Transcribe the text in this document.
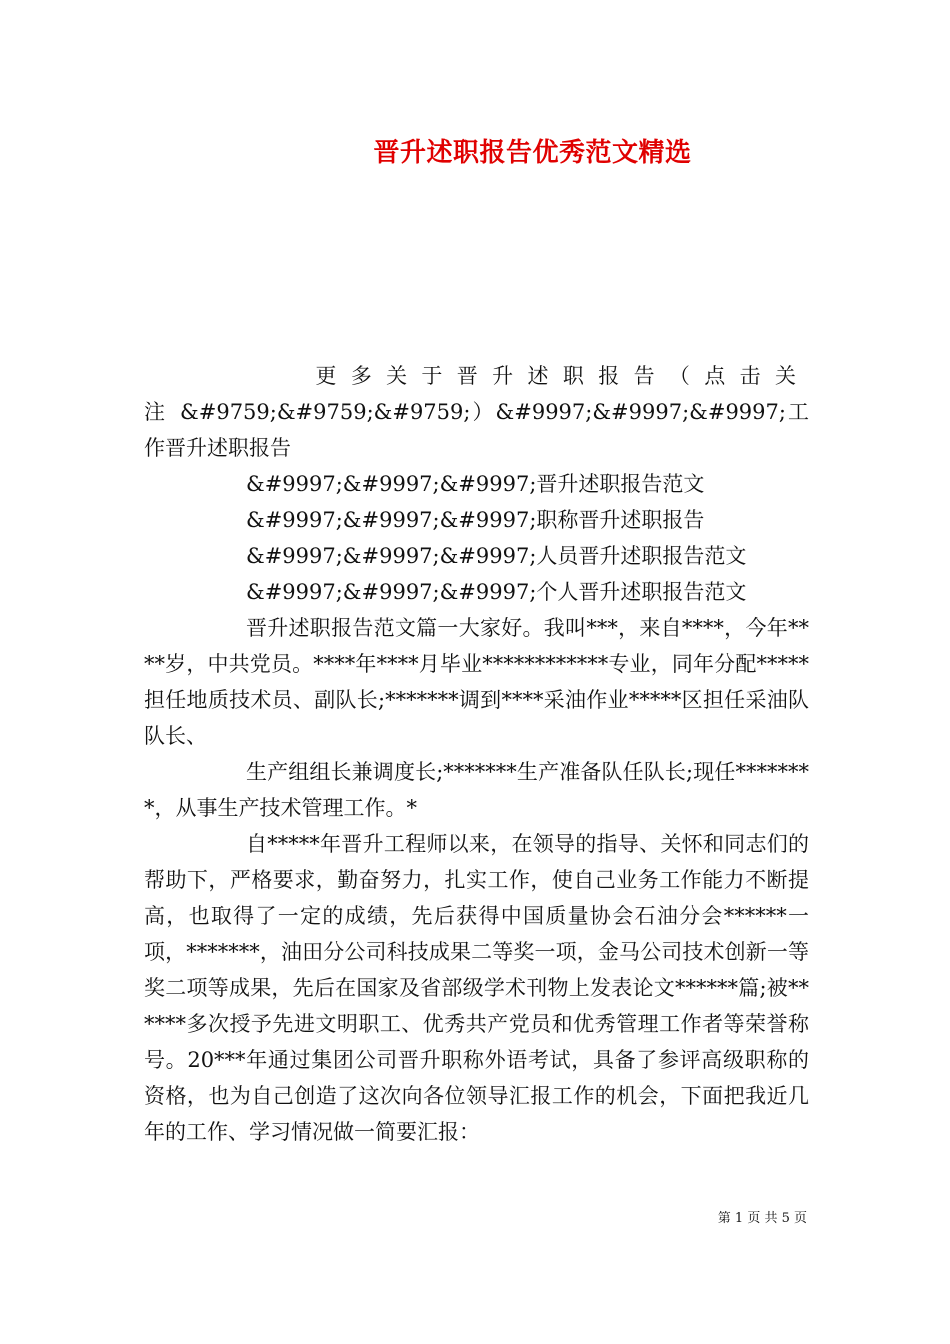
晋升述职报告优秀范文精选

更多关于晋升述职报告（点击关注&#9759;&#9759;&#9759;）&#9997;&#9997;&#9997;工作晋升述职报告

&#9997;&#9997;&#9997;晋升述职报告范文

&#9997;&#9997;&#9997;职称晋升述职报告

&#9997;&#9997;&#9997;人员晋升述职报告范文

&#9997;&#9997;&#9997;个人晋升述职报告范文

晋升述职报告范文篇一大家好。我叫***，来自****，今年****岁，中共党员。****年****月毕业************专业，同年分配*****担任地质技术员、副队长;*******调到****采油作业*****区担任采油队队长、

生产组组长兼调度长;*******生产准备队任队长;现任********，从事生产技术管理工作。*

自*****年晋升工程师以来，在领导的指导、关怀和同志们的帮助下，严格要求，勤奋努力，扎实工作，使自己业务工作能力不断提高，也取得了一定的成绩，先后获得中国质量协会石油分会******一项，*******，油田分公司科技成果二等奖一项，金马公司技术创新一等奖二项等成果，先后在国家及省部级学术刊物上发表论文******篇;被******多次授予先进文明职工、优秀共产党员和优秀管理工作者等荣誉称号。20***年通过集团公司晋升职称外语考试，具备了参评高级职称的资格，也为自己创造了这次向各位领导汇报工作的机会，下面把我近几年的工作、学习情况做一简要汇报：

第 1 页 共 5 页
